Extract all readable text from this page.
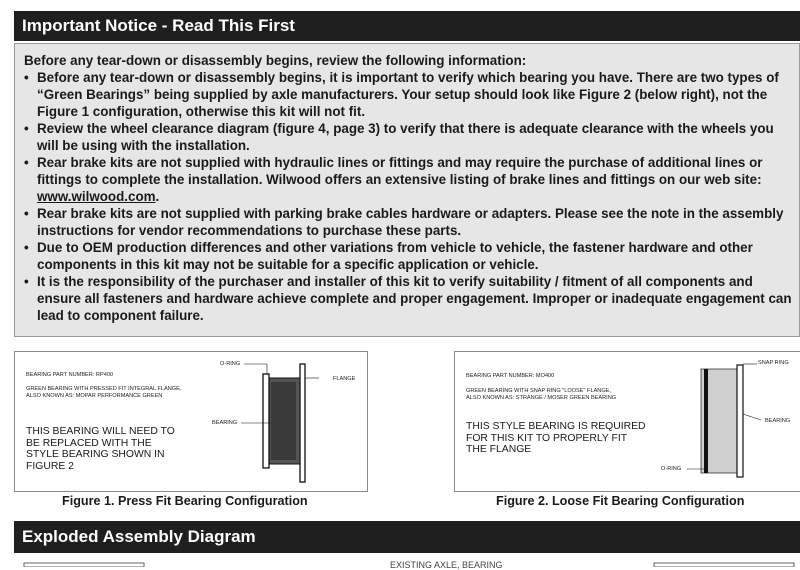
Important Notice - Read This First

Before any tear-down or disassembly begins, review the following information:

• Before any tear-down or disassembly begins, it is important to verify which bearing you have. There are two types of “Green Bearings” being supplied by axle manufacturers. Your setup should look like Figure 2 (below right), not the Figure 1 configuration, otherwise this kit will not fit.
• Review the wheel clearance diagram (figure 4, page 3) to verify that there is adequate clearance with the wheels you will be using with the installation.
• Rear brake kits are not supplied with hydraulic lines or fittings and may require the purchase of additional lines or fittings to complete the installation. Wilwood offers an extensive listing of brake lines and fittings on our web site: www.wilwood.com.
• Rear brake kits are not supplied with parking brake cables hardware or adapters. Please see the note in the assembly instructions for vendor recommendations to purchase these parts.
• Due to OEM production differences and other variations from vehicle to vehicle, the fastener hardware and other components in this kit may not be suitable for a specific application or vehicle.
• It is the responsibility of the purchaser and installer of this kit to verify suitability / fitment of all components and ensure all fasteners and hardware achieve complete and proper engagement. Improper or inadequate engagement can lead to component failure.
BEARING PART NUMBER: RP400
GREEN BEARING WITH PRESSED FIT INTEGRAL FLANGE,
ALSO KNOWN AS: MOPAR PERFORMANCE GREEN
THIS BEARING WILL NEED TO BE REPLACED WITH THE STYLE BEARING SHOWN IN FIGURE 2
O-RING
FLANGE
BEARING
Figure 1. Press Fit Bearing Configuration
BEARING PART NUMBER: MO400
GREEN BEARING WITH SNAP RING "LOOSE" FLANGE,
ALSO KNOWN AS: STRANGE / MOSER GREEN BEARING
THIS STYLE BEARING IS REQUIRED FOR THIS KIT TO PROPERLY FIT THE FLANGE
SNAP RING
BEARING
O-RING
Figure 2. Loose Fit Bearing Configuration
Exploded Assembly Diagram
EXISTING AXLE, BEARING
